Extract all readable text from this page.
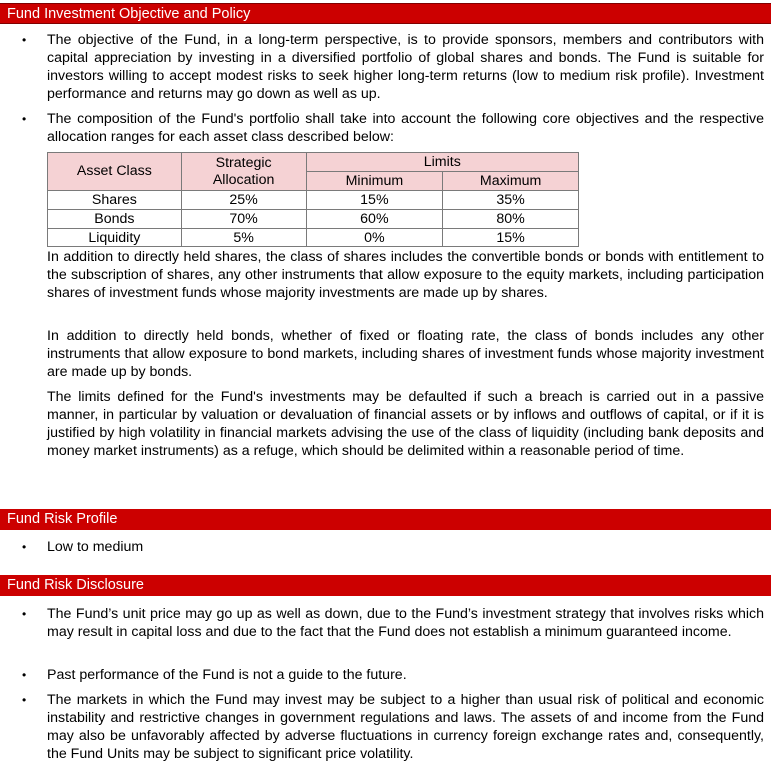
Fund Investment Objective and Policy
•	The objective of the Fund, in a long-term perspective, is to provide sponsors, members and contributors with capital appreciation by investing in a diversified portfolio of global shares and bonds. The Fund is suitable for investors willing to accept modest risks to seek higher long-term returns (low to medium risk profile). Investment performance and returns may go down as well as up.

•	The composition of the Fund's portfolio shall take into account the following core objectives and the respective allocation ranges for each asset class described below:

Asset Class	Strategic Allocation	Limits	
		Minimum	Maximum
Shares	25%	15%	35%
Bonds	70%	60%	80%
Liquidity	5%	0%	15%

In addition to directly held shares, the class of shares includes the convertible bonds or bonds with entitlement to the subscription of shares, any other instruments that allow exposure to the equity markets, including participation shares of investment funds whose majority investments are made up by shares.

In addition to directly held bonds, whether of fixed or floating rate, the class of bonds includes any other instruments that allow exposure to bond markets, including shares of investment funds whose majority investment are made up by bonds.

The limits defined for the Fund's investments may be defaulted if such a breach is carried out in a passive manner, in particular by valuation or devaluation of financial assets or by inflows and outflows of capital, or if it is justified by high volatility in financial markets advising the use of the class of liquidity (including bank deposits and money market instruments) as a refuge, which should be delimited within a reasonable period of time.

Fund Risk Profile
•	Low to medium

Fund Risk Disclosure
•	The Fund’s unit price may go up as well as down, due to the Fund’s investment strategy that involves risks which may result in capital loss and due to the fact that the Fund does not establish a minimum guaranteed income.

•	Past performance of the Fund is not a guide to the future.

•	The markets in which the Fund may invest may be subject to a higher than usual risk of political and economic instability and restrictive changes in government regulations and laws. The assets of and income from the Fund may also be unfavorably affected by adverse fluctuations in currency foreign exchange rates and, consequently, the Fund Units may be subject to significant price volatility.
